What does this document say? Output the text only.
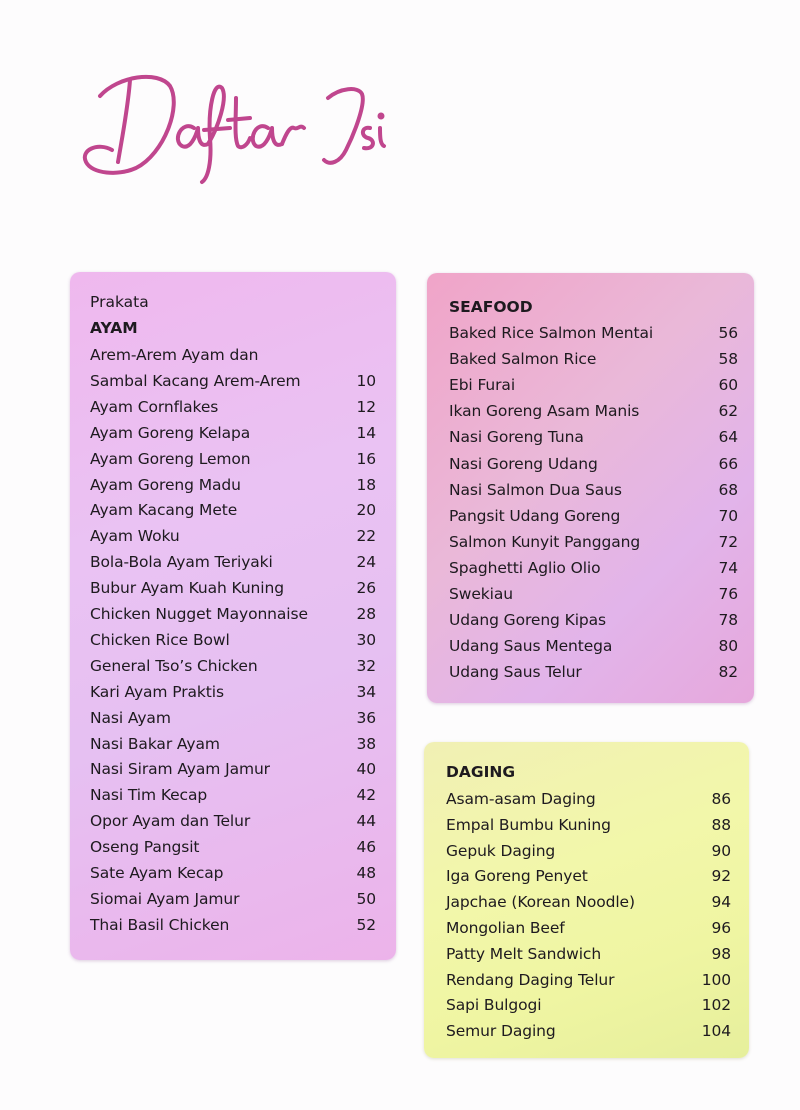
Prakata
AYAM
Arem-Arem Ayam dan
Sambal Kacang Arem-Arem	10
Ayam Cornflakes	12
Ayam Goreng Kelapa	14
Ayam Goreng Lemon	16
Ayam Goreng Madu	18
Ayam Kacang Mete	20
Ayam Woku	22
Bola-Bola Ayam Teriyaki	24
Bubur Ayam Kuah Kuning	26
Chicken Nugget Mayonnaise	28
Chicken Rice Bowl	30
General Tso’s Chicken	32
Kari Ayam Praktis	34
Nasi Ayam	36
Nasi Bakar Ayam	38
Nasi Siram Ayam Jamur	40
Nasi Tim Kecap	42
Opor Ayam dan Telur	44
Oseng Pangsit	46
Sate Ayam Kecap	48
Siomai Ayam Jamur	50
Thai Basil Chicken	52
SEAFOOD
Baked Rice Salmon Mentai	56
Baked Salmon Rice	58
Ebi Furai	60
Ikan Goreng Asam Manis	62
Nasi Goreng Tuna	64
Nasi Goreng Udang	66
Nasi Salmon Dua Saus	68
Pangsit Udang Goreng	70
Salmon Kunyit Panggang	72
Spaghetti Aglio Olio	74
Swekiau	76
Udang Goreng Kipas	78
Udang Saus Mentega	80
Udang Saus Telur	82
DAGING
Asam-asam Daging	86
Empal Bumbu Kuning	88
Gepuk Daging	90
Iga Goreng Penyet	92
Japchae (Korean Noodle)	94
Mongolian Beef	96
Patty Melt Sandwich	98
Rendang Daging Telur	100
Sapi Bulgogi	102
Semur Daging	104
